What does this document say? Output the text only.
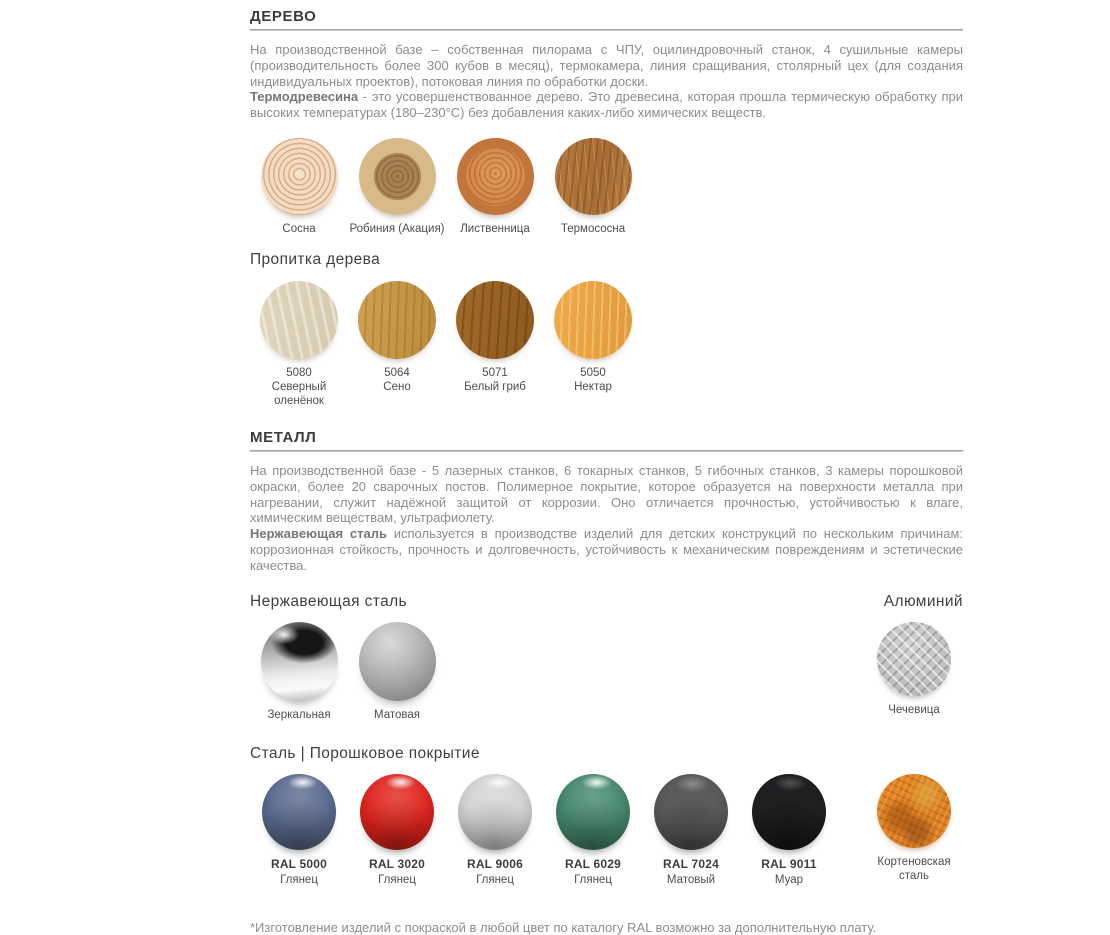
ДЕРЕВО

На производственной базе – собственная пилорама с ЧПУ, оцилиндровочный станок, 4 сушильные камеры (производительность более 300 кубов в месяц), термокамера, линия сращивания, столярный цех (для создания индивидуальных проектов), потоковая линия по обработки доски.
Термодревесина - это усовершенствованное дерево. Это древесина, которая прошла термическую обработку при высоких температурах (180–230°С) без добавления каких-либо химических веществ.

Сосна	Робиния (Акация) Лиственница	Термососна
Пропитка дерева
5080
Северный оленёнок
5064
Сено
5071
Белый гриб
5050
Нектар
МЕТАЛЛ

На производственной базе - 5 лазерных станков, 6 токарных станков, 5 гибочных станков, 3 камеры порошковой окраски, более 20 сварочных постов. Полимерное покрытие, которое образуется на поверхности металла при нагревании, служит надёжной защитой от коррозии. Оно отличается прочностью, устойчивостью к влаге, химическим веществам, ультрафиолету.
Нержавеющая сталь используется в производстве изделий для детских конструкций по нескольким причинам: коррозионная стойкость, прочность и долговечность, устойчивость к механическим повреждениям и эстетические качества.

Нержавеющая сталь	Алюминий
Зеркальная	Матовая	Чечевица
Сталь | Порошковое покрытие
RAL 5000
Глянец
RAL 3020
Глянец
RAL 9006
Глянец
RAL 6029
Глянец
RAL 7024
Матовый
RAL 9011
Муар
Кортеновская сталь
*Изготовление изделий с покраской в любой цвет по каталогу RAL возможно за дополнительную плату.
